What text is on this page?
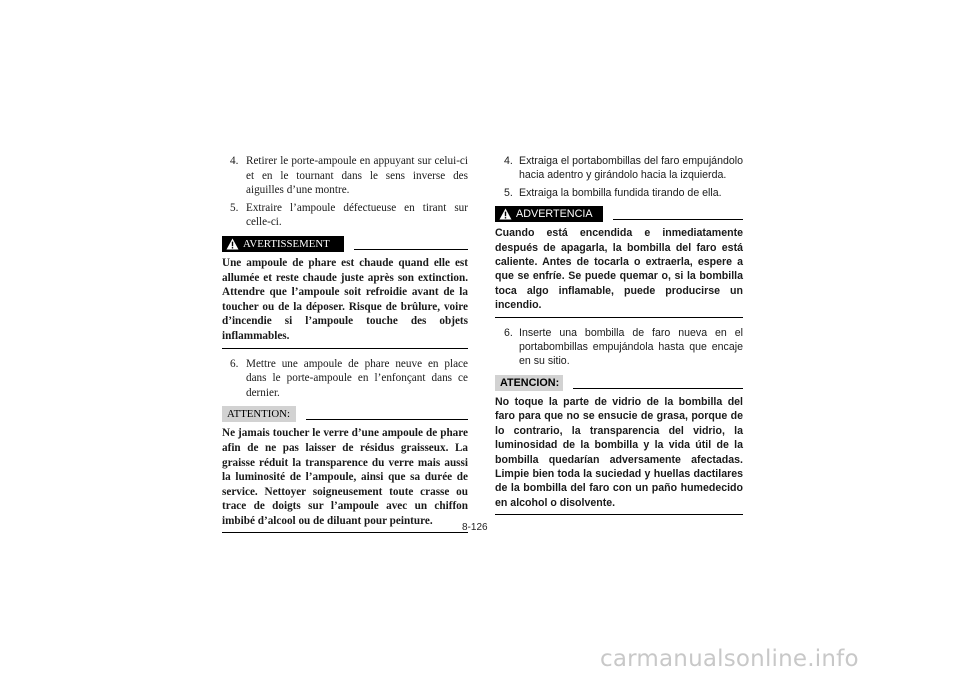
4. Retirer le porte-ampoule en appuyant sur celui-ci et en le tournant dans le sens inverse des aiguilles d’une montre.
5. Extraire l’ampoule défectueuse en tirant sur celle-ci.
AVERTISSEMENT

Une ampoule de phare est chaude quand elle est allumée et reste chaude juste après son extinction. Attendre que l’ampoule soit refroidie avant de la toucher ou de la déposer. Risque de brûlure, voire d’incendie si l’ampoule touche des objets inflammables.

6. Mettre une ampoule de phare neuve en place dans le porte-ampoule en l’enfonçant dans ce dernier.
ATTENTION:

Ne jamais toucher le verre d’une ampoule de phare afin de ne pas laisser de résidus graisseux. La graisse réduit la transparence du verre mais aussi la luminosité de l’ampoule, ainsi que sa durée de service. Nettoyer soigneusement toute crasse ou trace de doigts sur l’ampoule avec un chiffon imbibé d’alcool ou de diluant pour peinture.

4. Extraiga el portabombillas del faro empujándolo hacia adentro y girándolo hacia la izquierda.
5. Extraiga la bombilla fundida tirando de ella.
ADVERTENCIA

Cuando está encendida e inmediatamente después de apagarla, la bombilla del faro está caliente. Antes de tocarla o extraerla, espere a que se enfríe. Se puede quemar o, si la bombilla toca algo inflamable, puede producirse un incendio.

6. Inserte una bombilla de faro nueva en el portabombillas empujándola hasta que encaje en su sitio.
ATENCION:

No toque la parte de vidrio de la bombilla del faro para que no se ensucie de grasa, porque de lo contrario, la transparencia del vidrio, la luminosidad de la bombilla y la vida útil de la bombilla quedarían adversamente afectadas. Limpie bien toda la suciedad y huellas dactilares de la bombilla del faro con un paño humedecido en alcohol o disolvente.

8-126
carmanualsonline.info
